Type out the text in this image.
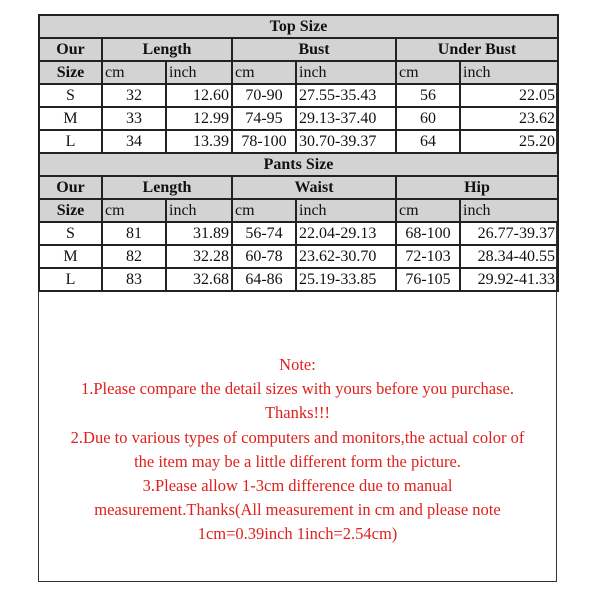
Top Size						
Our	Length		Bust		Under Bust	
Size	cm	inch	cm	inch	cm	inch
S	32	12.60	70-90	27.55-35.43	56	22.05
M	33	12.99	74-95	29.13-37.40	60	23.62
L	34	13.39	78-100	30.70-39.37	64	25.20
Pants Size						
Our	Length		Waist		Hip	
Size	cm	inch	cm	inch	cm	inch
S	81	31.89	56-74	22.04-29.13	68-100	26.77-39.37
M	82	32.28	60-78	23.62-30.70	72-103	28.34-40.55
L	83	32.68	64-86	25.19-33.85	76-105	29.92-41.33
Note:
1.Please compare the detail sizes with yours before you purchase.
Thanks!!!
2.Due to various types of computers and monitors,the actual color of
the item may be a little different form the picture.
3.Please allow 1-3cm difference due to manual
measurement.Thanks(All measurement in cm and please note
1cm=0.39inch 1inch=2.54cm)
